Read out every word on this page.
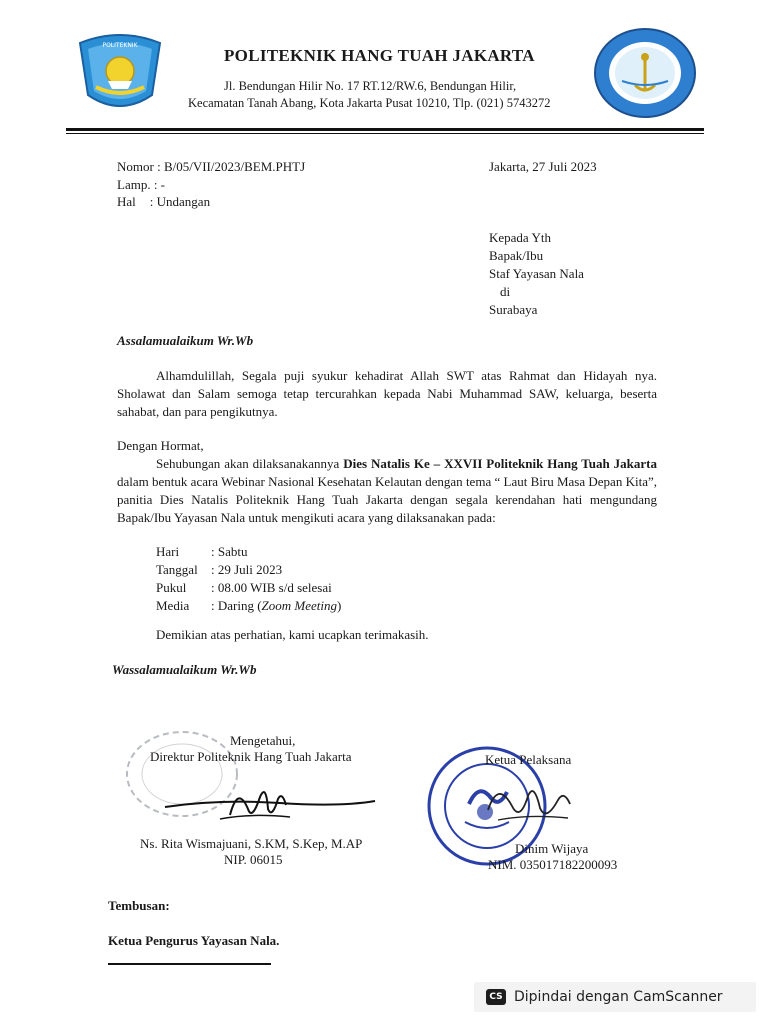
POLITEKNIK
POLITEKNIK HANG TUAH JAKARTA
Jl. Bendungan Hilir No. 17 RT.12/RW.6, Bendungan Hilir,
Kecamatan Tanah Abang, Kota Jakarta Pusat 10210, Tlp. (021) 5743272
Nomor : B/05/VII/2023/BEM.PHTJ
Lamp. : -
Hal : Undangan
Jakarta, 27 Juli 2023
Kepada Yth
Bapak/Ibu
Staf Yayasan Nala
di
Surabaya
Assalamualaikum Wr.Wb
Alhamdulillah, Segala puji syukur kehadirat Allah SWT atas Rahmat dan Hidayah nya. Sholawat dan Salam semoga tetap tercurahkan kepada Nabi Muhammad SAW, keluarga, beserta sahabat, dan para pengikutnya.
Dengan Hormat,
Sehubungan akan dilaksanakannya Dies Natalis Ke – XXVII Politeknik Hang Tuah Jakarta dalam bentuk acara Webinar Nasional Kesehatan Kelautan dengan tema “ Laut Biru Masa Depan Kita”, panitia Dies Natalis Politeknik Hang Tuah Jakarta dengan segala kerendahan hati mengundang Bapak/Ibu Yayasan Nala untuk mengikuti acara yang dilaksanakan pada:
Hari	: Sabtu
Tanggal	: 29 Juli 2023
Pukul	: 08.00 WIB s/d selesai
Media	: Daring (Zoom Meeting)
Demikian atas perhatian, kami ucapkan terimakasih.
Wassalamualaikum Wr.Wb
Mengetahui,
Direktur Politeknik Hang Tuah Jakarta
Ns. Rita Wismajuani, S.KM, S.Kep, M.AP
NIP. 06015
Ketua Pelaksana
Dinim Wijaya
NIM. 035017182200093
Tembusan:
Ketua Pengurus Yayasan Nala.
CS Dipindai dengan CamScanner
